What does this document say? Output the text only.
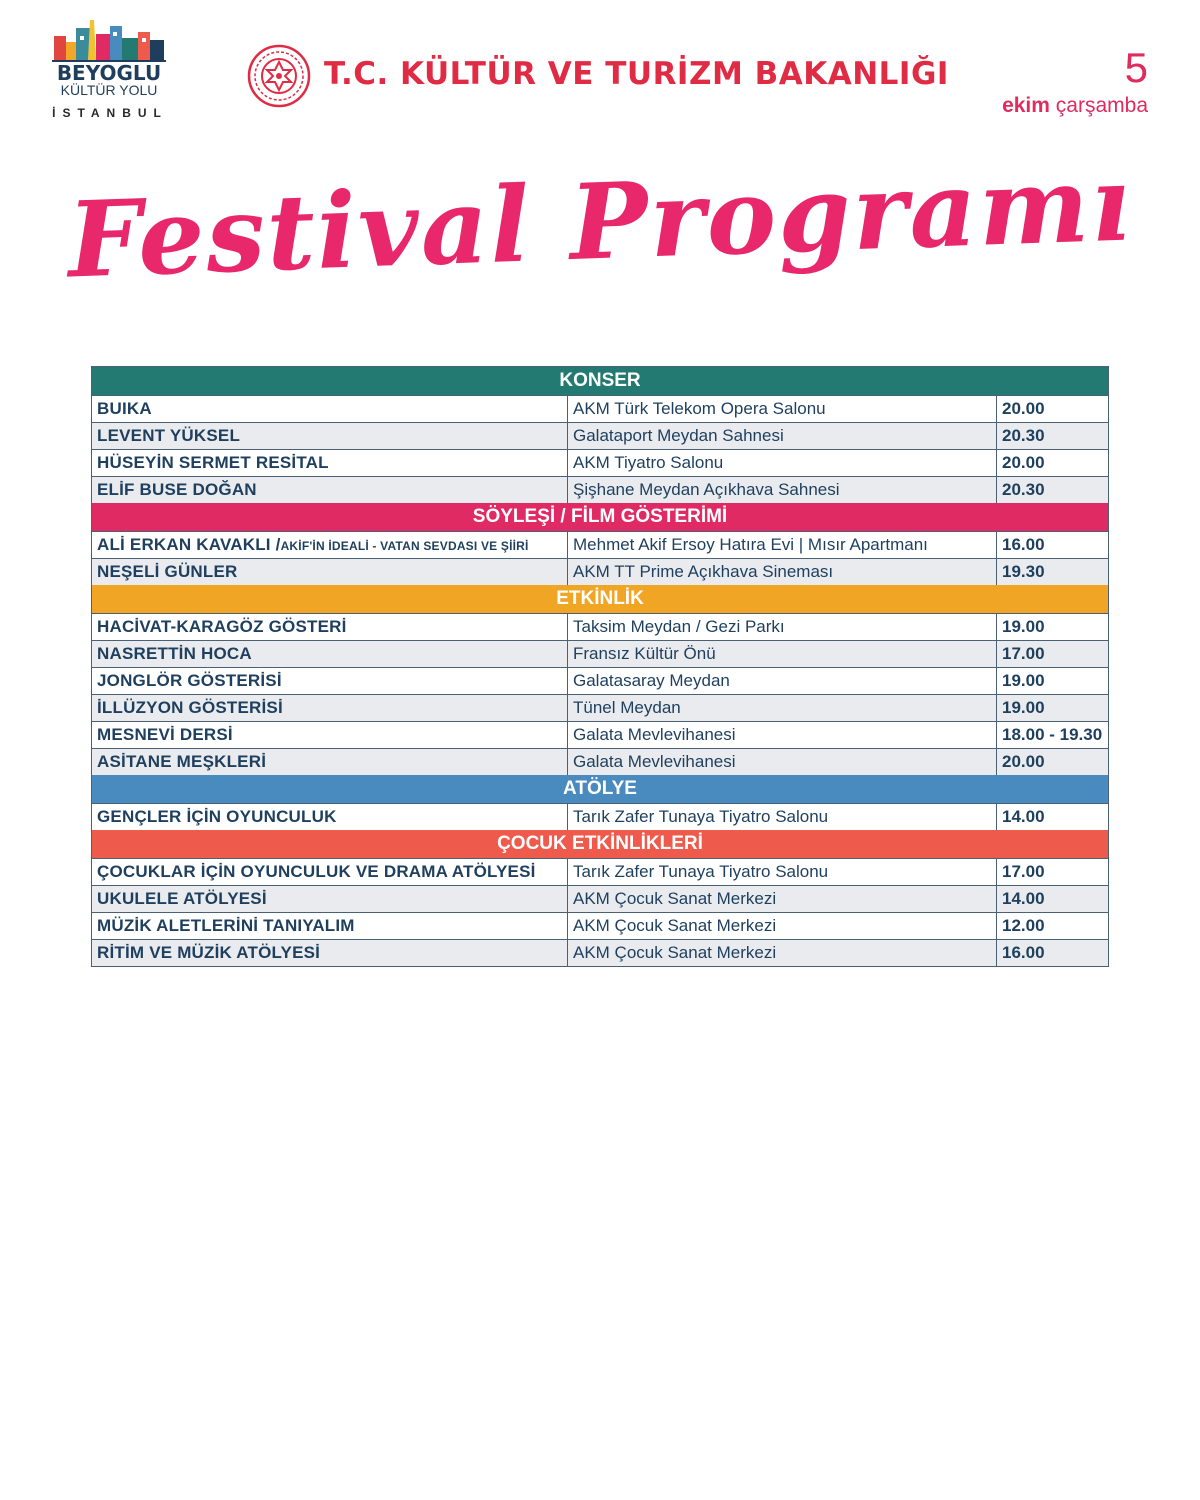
BEYOGLU
KÜLTÜR YOLU
İSTANBUL
T.C. KÜLTÜR VE TURİZM BAKANLIĞI	5
ekim çarşamba
Festival Programı
KONSER
BUIKA	AKM Türk Telekom Opera Salonu	20.00
LEVENT YÜKSEL	Galataport Meydan Sahnesi	20.30
HÜSEYİN SERMET RESİTAL	AKM Tiyatro Salonu	20.00
ELİF BUSE DOĞAN	Şişhane Meydan Açıkhava Sahnesi	20.30
SÖYLEŞİ / FİLM GÖSTERİMİ
ALİ ERKAN KAVAKLI /AKİF'İN İDEALİ - VATAN SEVDASI VE ŞİİRİ	Mehmet Akif Ersoy Hatıra Evi | Mısır Apartmanı	16.00
NEŞELİ GÜNLER	AKM TT Prime Açıkhava Sineması	19.30
ETKİNLİK
HACİVAT-KARAGÖZ GÖSTERİ	Taksim Meydan / Gezi Parkı	19.00
NASRETTİN HOCA	Fransız Kültür Önü	17.00
JONGLÖR GÖSTERİSİ	Galatasaray Meydan	19.00
İLLÜZYON GÖSTERİSİ	Tünel Meydan	19.00
MESNEVİ DERSİ	Galata Mevlevihanesi	18.00 - 19.30
ASİTANE MEŞKLERİ	Galata Mevlevihanesi	20.00
ATÖLYE
GENÇLER İÇİN OYUNCULUK	Tarık Zafer Tunaya Tiyatro Salonu	14.00
ÇOCUK ETKİNLİKLERİ
ÇOCUKLAR İÇİN OYUNCULUK VE DRAMA ATÖLYESİ	Tarık Zafer Tunaya Tiyatro Salonu	17.00
UKULELE ATÖLYESİ	AKM Çocuk Sanat Merkezi	14.00
MÜZİK ALETLERİNİ TANIYALIM	AKM Çocuk Sanat Merkezi	12.00
RİTİM VE MÜZİK ATÖLYESİ	AKM Çocuk Sanat Merkezi	16.00
